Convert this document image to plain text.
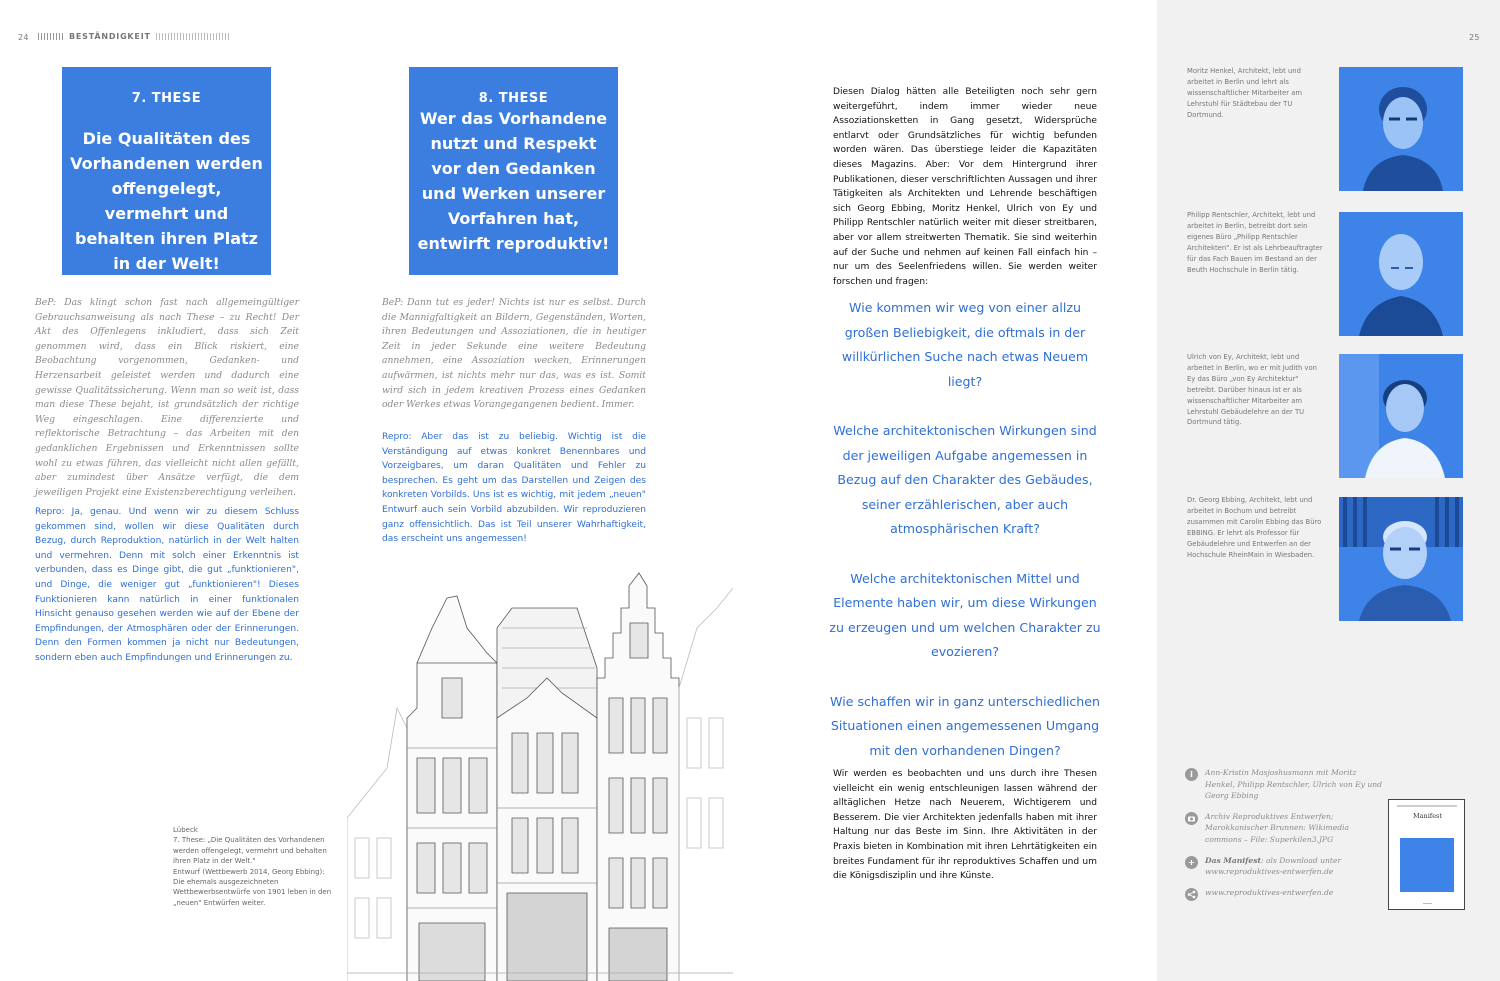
24	BESTÄNDIGKEIT	25
7. THESE
Die Qualitäten des Vorhandenen werden offengelegt, vermehrt und behalten ihren Platz in der Welt!
8. THESE
Wer das Vorhandene nutzt und Respekt vor den Gedanken und Werken unserer Vorfahren hat, entwirft reproduktiv!

BeP: Das klingt schon fast nach allgemeingültiger Gebrauchsanweisung als nach These – zu Recht! Der Akt des Offenlegens inkludiert, dass sich Zeit genommen wird, dass ein Blick riskiert, eine Beobachtung vorgenommen, Gedanken- und Herzensarbeit geleistet werden und dadurch eine gewisse Qualitätssicherung. Wenn man so weit ist, dass man diese These bejaht, ist grundsätzlich der richtige Weg eingeschlagen. Eine differenzierte und reflektorische Betrachtung – das Arbeiten mit den gedanklichen Ergebnissen und Erkenntnissen sollte wohl zu etwas führen, das vielleicht nicht allen gefällt, aber zumindest über Ansätze verfügt, die dem jeweiligen Projekt eine Existenzberechtigung verleihen.

Repro: Ja, genau. Und wenn wir zu diesem Schluss gekommen sind, wollen wir diese Qualitäten durch Bezug, durch Reproduktion, natürlich in der Welt halten und vermehren. Denn mit solch einer Erkenntnis ist verbunden, dass es Dinge gibt, die gut „funktionieren", und Dinge, die weniger gut „funktionieren"! Dieses Funktionieren kann natürlich in einer funktionalen Hinsicht genauso gesehen werden wie auf der Ebene der Empfindungen, der Atmosphären oder der Erinnerungen. Denn den Formen kommen ja nicht nur Bedeutungen, sondern eben auch Empfindungen und Erinnerungen zu.

BeP: Dann tut es jeder! Nichts ist nur es selbst. Durch die Mannigfaltigkeit an Bildern, Gegenständen, Worten, ihren Bedeutungen und Assoziationen, die in heutiger Zeit in jeder Sekunde eine weitere Bedeutung annehmen, eine Assoziation wecken, Erinnerungen aufwärmen, ist nichts mehr nur das, was es ist. Somit wird sich in jedem kreativen Prozess eines Gedanken oder Werkes etwas Vorangegangenen bedient. Immer.

Repro: Aber das ist zu beliebig. Wichtig ist die Verständigung auf etwas konkret Benennbares und Vorzeigbares, um daran Qualitäten und Fehler zu besprechen. Es geht um das Darstellen und Zeigen des konkreten Vorbilds. Uns ist es wichtig, mit jedem „neuen" Entwurf auch sein Vorbild abzubilden. Wir reproduzieren ganz offensichtlich. Das ist Teil unserer Wahrhaftigkeit, das erscheint uns angemessen!

Lübeck
7. These: „Die Qualitäten des Vorhandenen werden offengelegt, vermehrt und behalten ihren Platz in der Welt."
Entwurf (Wettbewerb 2014, Georg Ebbing): Die ehemals ausgezeichneten Wettbewerbsentwürfe von 1901 leben in den „neuen" Entwürfen weiter.

Diesen Dialog hätten alle Beteiligten noch sehr gern weitergeführt, indem immer wieder neue Assoziationsketten in Gang gesetzt, Widersprüche entlarvt oder Grundsätzliches für wichtig befunden worden wären. Das überstiege leider die Kapazitäten dieses Magazins. Aber: Vor dem Hintergrund ihrer Publikationen, dieser verschriftlichten Aussagen und ihrer Tätigkeiten als Architekten und Lehrende beschäftigen sich Georg Ebbing, Moritz Henkel, Ulrich von Ey und Philipp Rentschler natürlich weiter mit dieser streitbaren, aber vor allem streitwerten Thematik. Sie sind weiterhin auf der Suche und nehmen auf keinen Fall einfach hin – nur um des Seelenfriedens willen. Sie werden weiter forschen und fragen:

Wie kommen wir weg von einer allzu großen Beliebigkeit, die oftmals in der willkürlichen Suche nach etwas Neuem liegt?

Welche architektonischen Wirkungen sind der jeweiligen Aufgabe angemessen in Bezug auf den Charakter des Gebäudes, seiner erzählerischen, aber auch atmosphärischen Kraft?

Welche architektonischen Mittel und Elemente haben wir, um diese Wirkungen zu erzeugen und um welchen Charakter zu evozieren?

Wie schaffen wir in ganz unterschiedlichen Situationen einen angemessenen Umgang mit den vorhandenen Dingen?

Wir werden es beobachten und uns durch ihre Thesen vielleicht ein wenig entschleunigen lassen während der alltäglichen Hetze nach Neuerem, Wichtigerem und Besserem. Die vier Architekten jedenfalls haben mit ihrer Haltung nur das Beste im Sinn. Ihre Aktivitäten in der Praxis bieten in Kombination mit ihren Lehrtätigkeiten ein breites Fundament für ihr reproduktives Schaffen und um die Königsdisziplin und ihre Künste.

Moritz Henkel, Architekt, lebt und arbeitet in Berlin und lehrt als wissenschaftlicher Mitarbeiter am Lehrstuhl für Städtebau der TU Dortmund.

Philipp Rentschler, Architekt, lebt und arbeitet in Berlin, betreibt dort sein eigenes Büro „Philipp Rentschler Architekten". Er ist als Lehrbeauftragter für das Fach Bauen im Bestand an der Beuth Hochschule in Berlin tätig.

Ulrich von Ey, Architekt, lebt und arbeitet in Berlin, wo er mit Judith von Ey das Büro „von Ey Architektur" betreibt. Darüber hinaus ist er als wissenschaftlicher Mitarbeiter am Lehrstuhl Gebäudelehre an der TU Dortmund tätig.

Dr. Georg Ebbing, Architekt, lebt und arbeitet in Bochum und betreibt zusammen mit Carolin Ebbing das Büro EBBING. Er lehrt als Professor für Gebäudelehre und Entwerfen an der Hochschule RheinMain in Wiesbaden.

i	Ann-Kristin Masjoshusmann mit Moritz Henkel, Philipp Rentschler, Ulrich von Ey und Georg Ebbing
Archiv Reproduktives Entwerfen; Marokkanischer Brunnen: Wikimedia commons – File: Superkilen3.JPG
+	Das Manifest: als Download unter www.reproduktives-entwerfen.de
www.reproduktives-entwerfen.de
Manifest
